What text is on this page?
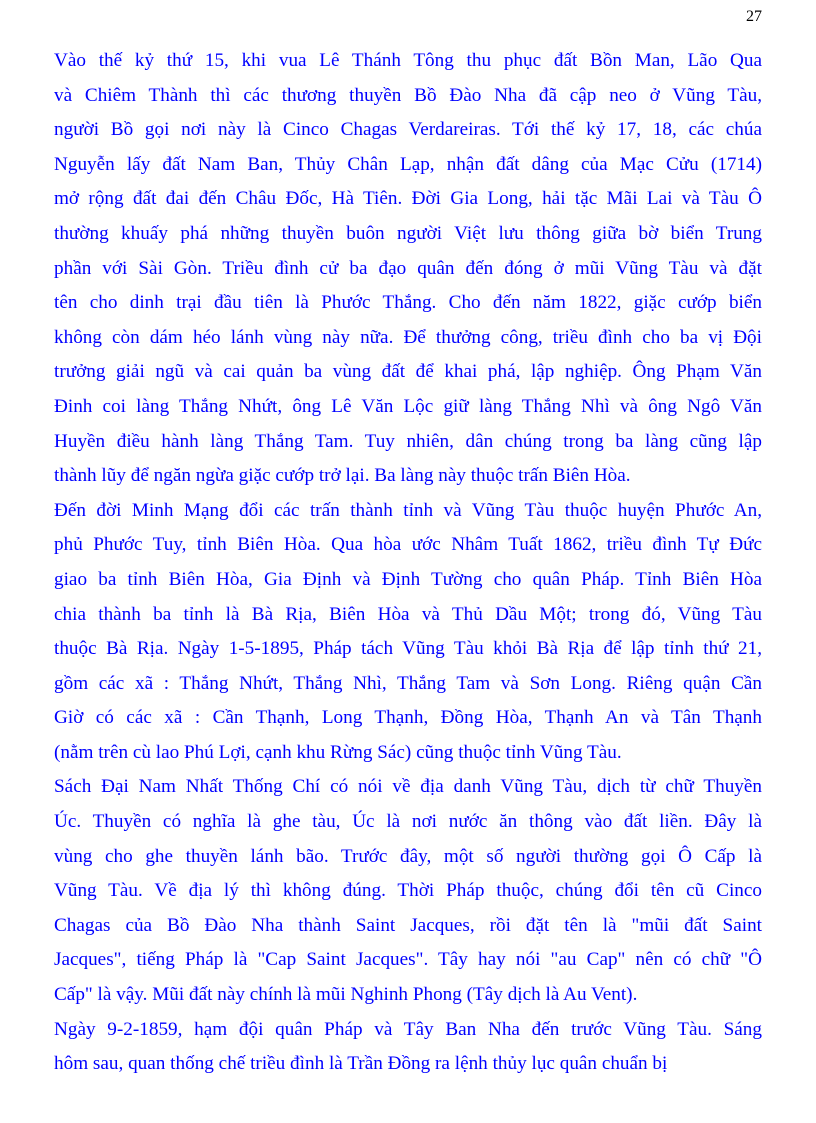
27

Vào thế kỷ thứ 15, khi vua Lê Thánh Tông thu phục đất Bồn Man, Lão Qua
và Chiêm Thành thì các thương thuyền Bồ Đào Nha đã cập neo ở Vũng Tàu,
người Bồ gọi nơi này là Cinco Chagas Verdareiras. Tới thế kỷ 17, 18, các chúa
Nguyễn lấy đất Nam Ban, Thủy Chân Lạp, nhận đất dâng của Mạc Cửu (1714)
mở rộng đất đai đến Châu Đốc, Hà Tiên. Đời Gia Long, hải tặc Mãi Lai và Tàu Ô
thường khuấy phá những thuyền buôn người Việt lưu thông giữa bờ biển Trung
phần với Sài Gòn. Triều đình cử ba đạo quân đến đóng ở mũi Vũng Tàu và đặt
tên cho dinh trại đầu tiên là Phước Thắng. Cho đến năm 1822, giặc cướp biển
không còn dám héo lánh vùng này nữa. Để thưởng công, triều đình cho ba vị Đội
trưởng giải ngũ và cai quản ba vùng đất để khai phá, lập nghiệp. Ông Phạm Văn
Đinh coi làng Thắng Nhứt, ông Lê Văn Lộc giữ làng Thắng Nhì và ông Ngô Văn
Huyền điều hành làng Thắng Tam. Tuy nhiên, dân chúng trong ba làng cũng lập
thành lũy để ngăn ngừa giặc cướp trở lại. Ba làng này thuộc trấn Biên Hòa.

Đến đời Minh Mạng đổi các trấn thành tỉnh và Vũng Tàu thuộc huyện Phước An,
phủ Phước Tuy, tỉnh Biên Hòa. Qua hòa ước Nhâm Tuất 1862, triều đình Tự Đức
giao ba tỉnh Biên Hòa, Gia Định và Định Tường cho quân Pháp. Tỉnh Biên Hòa
chia thành ba tỉnh là Bà Rịa, Biên Hòa và Thủ Dầu Một; trong đó, Vũng Tàu
thuộc Bà Rịa. Ngày 1-5-1895, Pháp tách Vũng Tàu khỏi Bà Rịa để lập tỉnh thứ 21,
gồm các xã : Thắng Nhứt, Thắng Nhì, Thắng Tam và Sơn Long. Riêng quận Cần
Giờ có các xã : Cần Thạnh, Long Thạnh, Đồng Hòa, Thạnh An và Tân Thạnh
(nằm trên cù lao Phú Lợi, cạnh khu Rừng Sác) cũng thuộc tỉnh Vũng Tàu.

Sách Đại Nam Nhất Thống Chí có nói về địa danh Vũng Tàu, dịch từ chữ Thuyền
Úc. Thuyền có nghĩa là ghe tàu, Úc là nơi nước ăn thông vào đất liền. Đây là
vùng cho ghe thuyền lánh bão. Trước đây, một số người thường gọi Ô Cấp là
Vũng Tàu. Về địa lý thì không đúng. Thời Pháp thuộc, chúng đổi tên cũ Cinco
Chagas của Bồ Đào Nha thành Saint Jacques, rồi đặt tên là "mũi đất Saint
Jacques", tiếng Pháp là "Cap Saint Jacques". Tây hay nói "au Cap" nên có chữ "Ô
Cấp" là vậy. Mũi đất này chính là mũi Nghinh Phong (Tây dịch là Au Vent).

Ngày 9-2-1859, hạm đội quân Pháp và Tây Ban Nha đến trước Vũng Tàu. Sáng
hôm sau, quan thống chế triều đình là Trần Đồng ra lệnh thủy lục quân chuẩn bị
